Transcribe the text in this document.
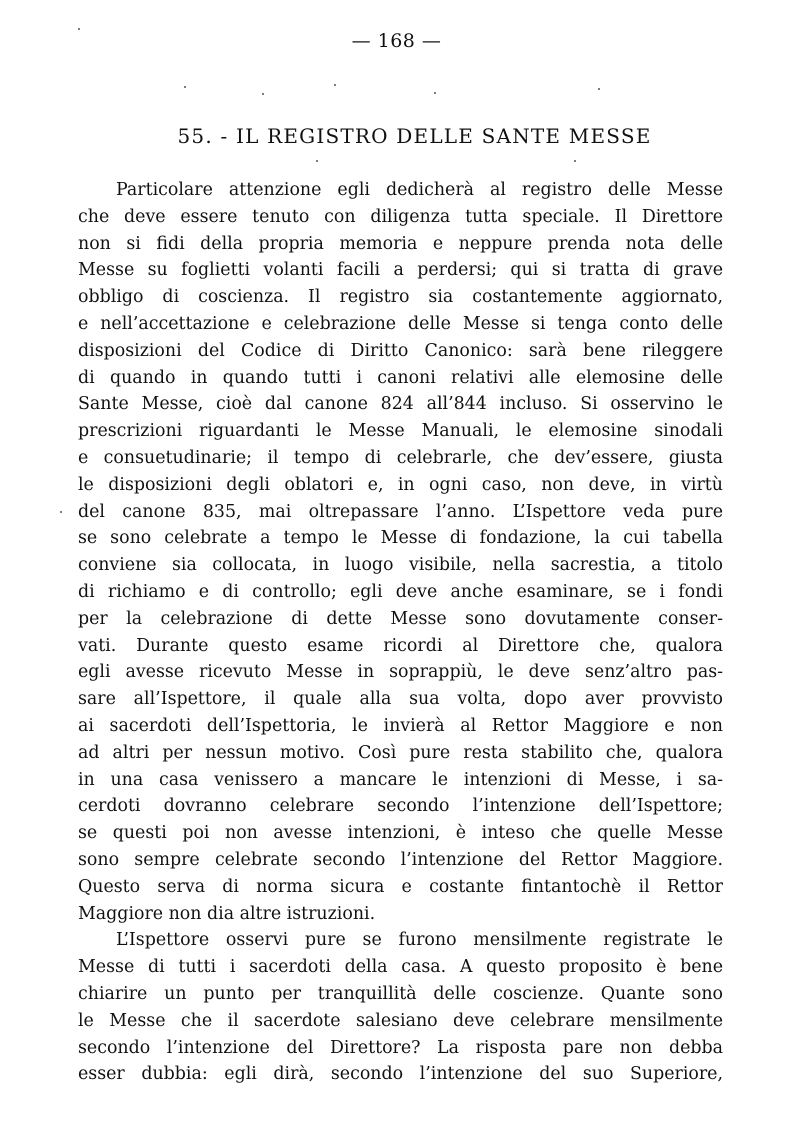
— 168 —
55. - IL REGISTRO DELLE SANTE MESSE
Particolare attenzione egli dedicherà al registro delle Messe
che deve essere tenuto con diligenza tutta speciale. Il Direttore
non si fidi della propria memoria e neppure prenda nota delle
Messe su foglietti volanti facili a perdersi; qui si tratta di grave
obbligo di coscienza. Il registro sia costantemente aggiornato,
e nell’accettazione e celebrazione delle Messe si tenga conto delle
disposizioni del Codice di Diritto Canonico: sarà bene rileggere
di quando in quando tutti i canoni relativi alle elemosine delle
Sante Messe, cioè dal canone 824 all’844 incluso. Si osservino le
prescrizioni riguardanti le Messe Manuali, le elemosine sinodali
e consuetudinarie; il tempo di celebrarle, che dev’essere, giusta
le disposizioni degli oblatori e, in ogni caso, non deve, in virtù
del canone 835, mai oltrepassare l’anno. L’Ispettore veda pure
se sono celebrate a tempo le Messe di fondazione, la cui tabella
conviene sia collocata, in luogo visibile, nella sacrestia, a titolo
di richiamo e di controllo; egli deve anche esaminare, se i fondi
per la celebrazione di dette Messe sono dovutamente conser-
vati. Durante questo esame ricordi al Direttore che, qualora
egli avesse ricevuto Messe in soprappiù, le deve senz’altro pas-
sare all’Ispettore, il quale alla sua volta, dopo aver provvisto
ai sacerdoti dell’Ispettoria, le invierà al Rettor Maggiore e non
ad altri per nessun motivo. Così pure resta stabilito che, qualora
in una casa venissero a mancare le intenzioni di Messe, i sa-
cerdoti dovranno celebrare secondo l’intenzione dell’Ispettore;
se questi poi non avesse intenzioni, è inteso che quelle Messe
sono sempre celebrate secondo l’intenzione del Rettor Maggiore.
Questo serva di norma sicura e costante fintantochè il Rettor
Maggiore non dia altre istruzioni.
L’Ispettore osservi pure se furono mensilmente registrate le
Messe di tutti i sacerdoti della casa. A questo proposito è bene
chiarire un punto per tranquillità delle coscienze. Quante sono
le Messe che il sacerdote salesiano deve celebrare mensilmente
secondo l’intenzione del Direttore? La risposta pare non debba
esser dubbia: egli dirà, secondo l’intenzione del suo Superiore,
